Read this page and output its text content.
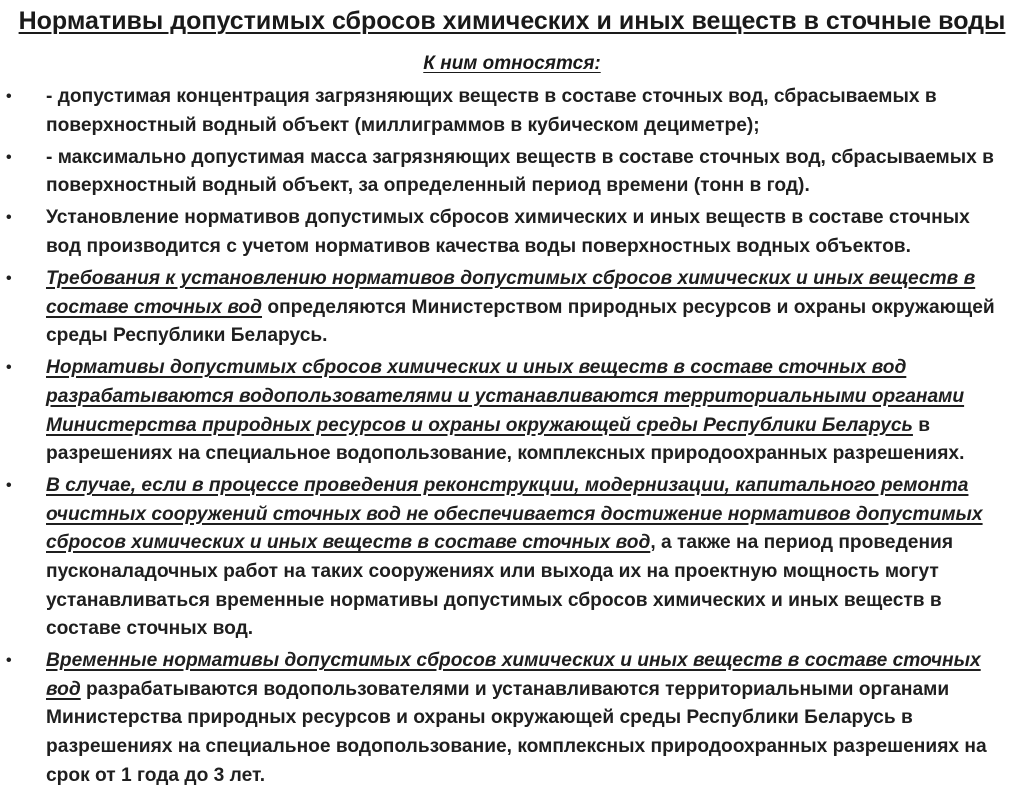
Нормативы допустимых сбросов химических и иных веществ в сточные воды
К ним относятся:
• - допустимая концентрация загрязняющих веществ в составе сточных вод, сбрасываемых в поверхностный водный объект (миллиграммов в кубическом дециметре);
• - максимально допустимая масса загрязняющих веществ в составе сточных вод, сбрасываемых в поверхностный водный объект, за определенный период времени (тонн в год).
• Установление нормативов допустимых сбросов химических и иных веществ в составе сточных вод производится с учетом нормативов качества воды поверхностных водных объектов.
• Требования к установлению нормативов допустимых сбросов химических и иных веществ в составе сточных вод определяются Министерством природных ресурсов и охраны окружающей среды Республики Беларусь.
• Нормативы допустимых сбросов химических и иных веществ в составе сточных вод разрабатываются водопользователями и устанавливаются территориальными органами Министерства природных ресурсов и охраны окружающей среды Республики Беларусь в разрешениях на специальное водопользование, комплексных природоохранных разрешениях.
• В случае, если в процессе проведения реконструкции, модернизации, капитального ремонта очистных сооружений сточных вод не обеспечивается достижение нормативов допустимых сбросов химических и иных веществ в составе сточных вод, а также на период проведения пусконаладочных работ на таких сооружениях или выхода их на проектную мощность могут устанавливаться временные нормативы допустимых сбросов химических и иных веществ в составе сточных вод.
• Временные нормативы допустимых сбросов химических и иных веществ в составе сточных вод разрабатываются водопользователями и устанавливаются территориальными органами Министерства природных ресурсов и охраны окружающей среды Республики Беларусь в разрешениях на специальное водопользование, комплексных природоохранных разрешениях на срок от 1 года до 3 лет.
